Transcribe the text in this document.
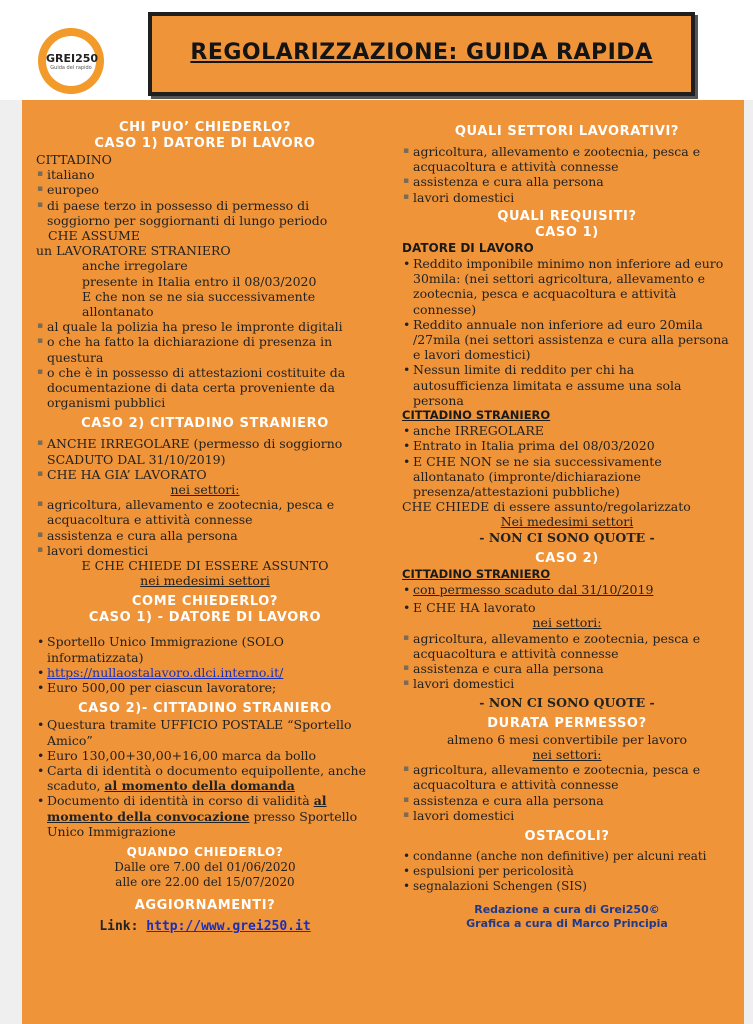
GREI250
Guida del rapido
REGOLARIZZAZIONE: GUIDA RAPIDA
CHI PUO’ CHIEDERLO?
CASO 1) DATORE DI LAVORO
CITTADINO
▪ italiano
▪ europeo
▪ di paese terzo in possesso di permesso di soggiorno per soggiornanti di lungo periodo
CHE ASSUME
un LAVORATORE STRANIERO
anche irregolare
presente in Italia entro il 08/03/2020
E che non se ne sia successivamente allontanato
▪ al quale la polizia ha preso le impronte digitali
▪ o che ha fatto la dichiarazione di presenza in questura
▪ o che è in possesso di attestazioni costituite da documentazione di data certa proveniente da organismi pubblici
CASO 2) CITTADINO STRANIERO
▪ ANCHE IRREGOLARE (permesso di soggiorno SCADUTO DAL 31/10/2019)
▪ CHE HA GIA’ LAVORATO
nei settori:
▪ agricoltura, allevamento e zootecnia, pesca e acquacoltura e attività connesse
▪ assistenza e cura alla persona
▪ lavori domestici
E CHE CHIEDE DI ESSERE ASSUNTO
nei medesimi settori
COME CHIEDERLO?
CASO 1) - DATORE DI LAVORO
• Sportello Unico Immigrazione (SOLO informatizzata)
• https://nullaostalavoro.dlci.interno.it/
• Euro 500,00 per ciascun lavoratore;
CASO 2)- CITTADINO STRANIERO
• Questura tramite UFFICIO POSTALE “Sportello Amico”
• Euro 130,00+30,00+16,00 marca da bollo
• Carta di identità o documento equipollente, anche scaduto, al momento della domanda
• Documento di identità in corso di validità al momento della convocazione presso Sportello Unico Immigrazione
QUANDO CHIEDERLO?
Dalle ore 7.00 del 01/06/2020
alle ore 22.00 del 15/07/2020
AGGIORNAMENTI?
Link: http://www.grei250.it
QUALI SETTORI LAVORATIVI?
▪ agricoltura, allevamento e zootecnia, pesca e acquacoltura e attività connesse
▪ assistenza e cura alla persona
▪ lavori domestici
QUALI REQUISITI?
CASO 1)
DATORE DI LAVORO
• Reddito imponibile minimo non inferiore ad euro 30mila: (nei settori agricoltura, allevamento e zootecnia, pesca e acquacoltura e attività connesse)
• Reddito annuale non inferiore ad euro 20mila /27mila (nei settori assistenza e cura alla persona e lavori domestici)
• Nessun limite di reddito per chi ha autosufficienza limitata e assume una sola persona
CITTADINO STRANIERO
• anche IRREGOLARE
• Entrato in Italia prima del 08/03/2020
• E CHE NON se ne sia successivamente allontanato (impronte/dichiarazione presenza/attestazioni pubbliche)
CHE CHIEDE di essere assunto/regolarizzato
Nei medesimi settori
- NON CI SONO QUOTE -
CASO 2)
CITTADINO STRANIERO
• con permesso scaduto dal 31/10/2019
• E CHE HA lavorato
nei settori:
▪ agricoltura, allevamento e zootecnia, pesca e acquacoltura e attività connesse
▪ assistenza e cura alla persona
▪ lavori domestici
- NON CI SONO QUOTE -
DURATA PERMESSO?
almeno 6 mesi convertibile per lavoro
nei settori:
▪ agricoltura, allevamento e zootecnia, pesca e acquacoltura e attività connesse
▪ assistenza e cura alla persona
▪ lavori domestici
OSTACOLI?
• condanne (anche non definitive) per alcuni reati
• espulsioni per pericolosità
• segnalazioni Schengen (SIS)
Redazione a cura di Grei250©
Grafica a cura di Marco Principia
